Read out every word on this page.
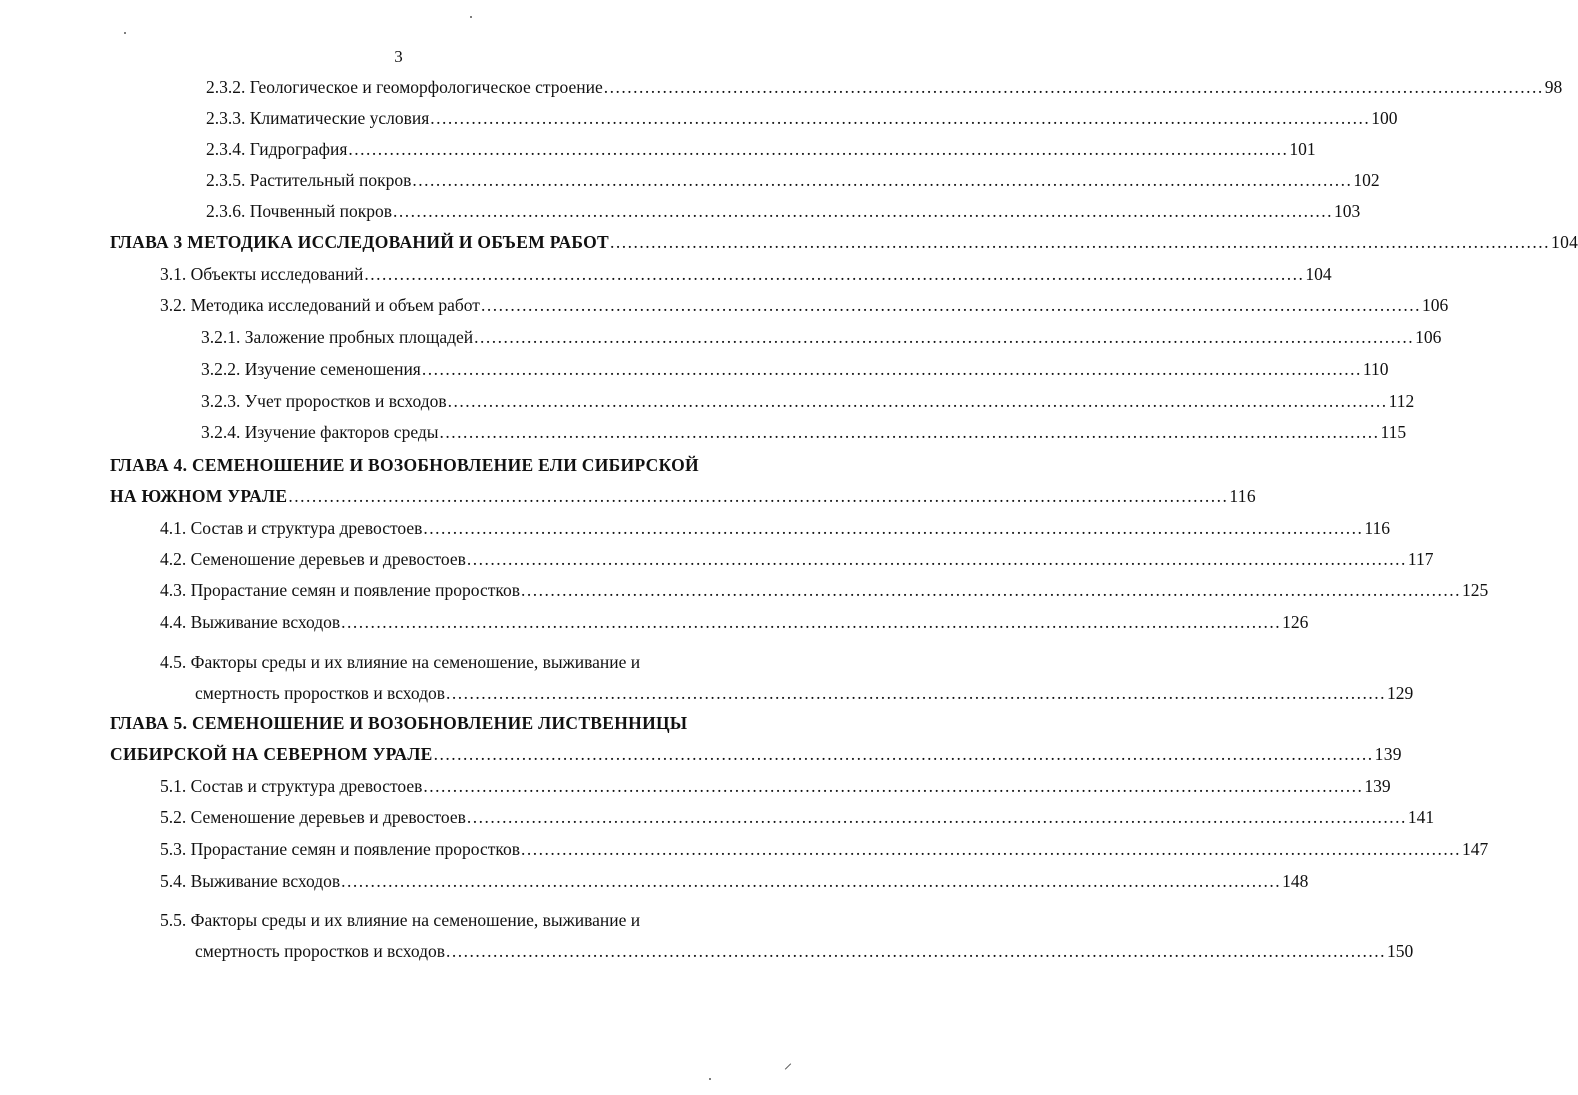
3
2.3.2. Геологическое и геоморфологическое строение ................................................................................................................................................................ 98
2.3.3. Климатические условия ................................................................................................................................................................ 100
2.3.4. Гидрография ................................................................................................................................................................ 101
2.3.5. Растительный покров ................................................................................................................................................................ 102
2.3.6. Почвенный покров ................................................................................................................................................................ 103
ГЛАВА 3 МЕТОДИКА ИССЛЕДОВАНИЙ И ОБЪЕМ РАБОТ ................................................................................................................................................................ 104
3.1. Объекты исследований ................................................................................................................................................................ 104
3.2. Методика исследований и объем работ ................................................................................................................................................................ 106
3.2.1. Заложение пробных площадей ................................................................................................................................................................ 106
3.2.2. Изучение семеношения ................................................................................................................................................................ 110
3.2.3. Учет проростков и всходов ................................................................................................................................................................ 112
3.2.4. Изучение факторов среды ................................................................................................................................................................ 115
ГЛАВА 4. СЕМЕНОШЕНИЕ И ВОЗОБНОВЛЕНИЕ ЕЛИ СИБИРСКОЙ
НА ЮЖНОМ УРАЛЕ ................................................................................................................................................................ 116
4.1. Состав и структура древостоев ................................................................................................................................................................ 116
4.2. Семеношение деревьев и древостоев ................................................................................................................................................................ 117
4.3. Прорастание семян и появление проростков ................................................................................................................................................................ 125
4.4. Выживание всходов ................................................................................................................................................................ 126
4.5. Факторы среды и их влияние на семеношение, выживание и
смертность проростков и всходов ................................................................................................................................................................ 129
ГЛАВА 5. СЕМЕНОШЕНИЕ И ВОЗОБНОВЛЕНИЕ ЛИСТВЕННИЦЫ
СИБИРСКОЙ НА СЕВЕРНОМ УРАЛЕ ................................................................................................................................................................ 139
5.1. Состав и структура древостоев ................................................................................................................................................................ 139
5.2. Семеношение деревьев и древостоев ................................................................................................................................................................ 141
5.3. Прорастание семян и появление проростков ................................................................................................................................................................ 147
5.4. Выживание всходов ................................................................................................................................................................ 148
5.5. Факторы среды и их влияние на семеношение, выживание и
смертность проростков и всходов ................................................................................................................................................................ 150
